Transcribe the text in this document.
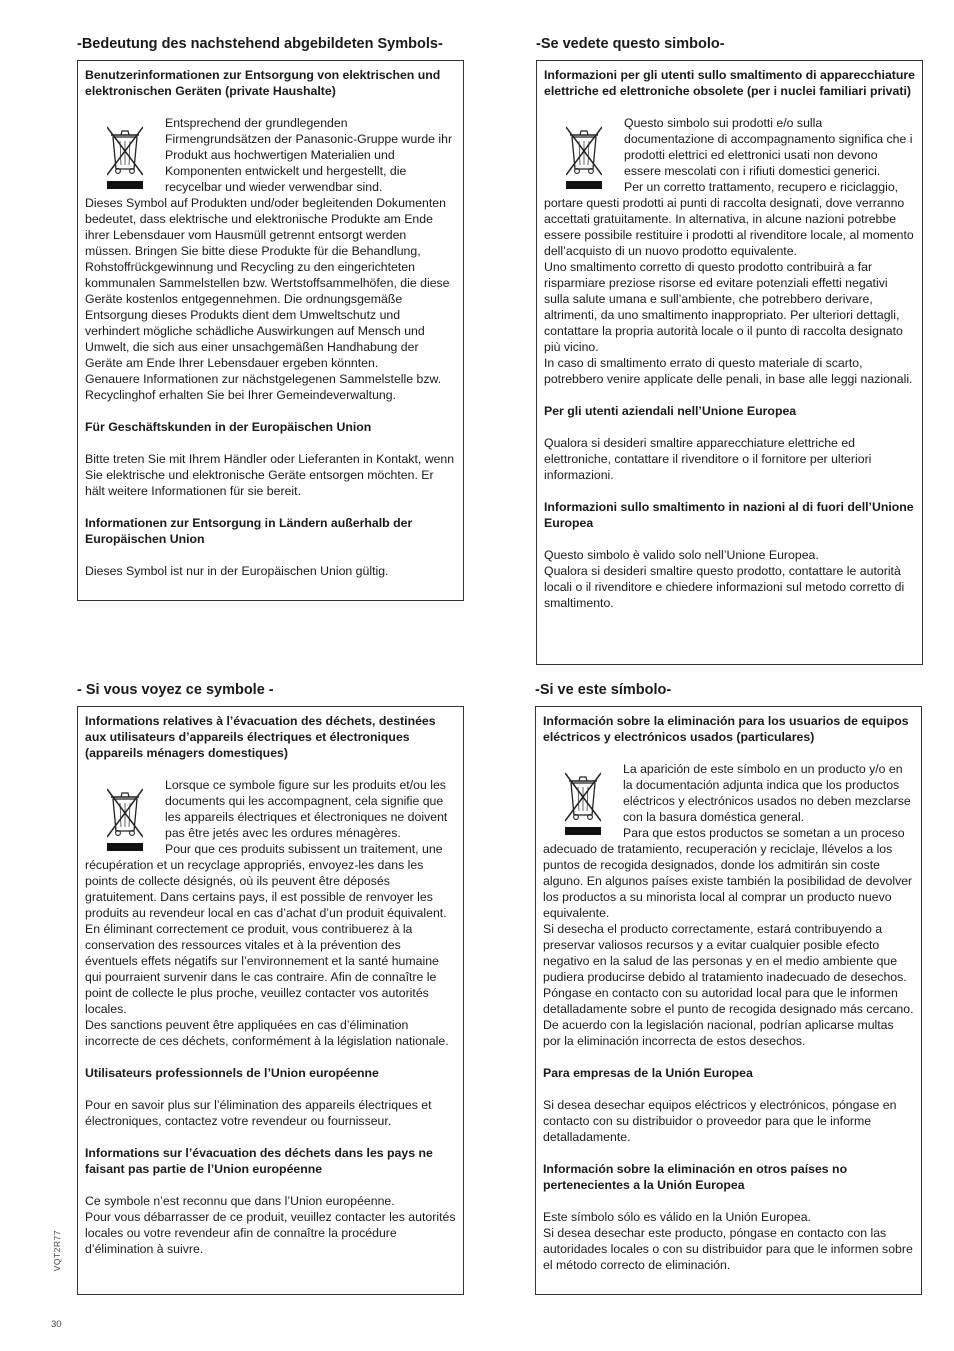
-Bedeutung des nachstehend abgebildeten Symbols-

Benutzerinformationen zur Entsorgung von elektrischen und elektronischen Geräten (private Haushalte)

Entsprechend der grundlegenden Firmengrundsätzen der Panasonic-Gruppe wurde ihr Produkt aus hochwertigen Materialien und Komponenten entwickelt und hergestellt, die recycelbar und wieder verwendbar sind.

Dieses Symbol auf Produkten und/oder begleitenden Dokumenten bedeutet, dass elektrische und elektronische Produkte am Ende ihrer Lebensdauer vom Hausmüll getrennt entsorgt werden müssen. Bringen Sie bitte diese Produkte für die Behandlung, Rohstoffrückgewinnung und Recycling zu den eingerichteten kommunalen Sammelstellen bzw. Wertstoffsammelhöfen, die diese Geräte kostenlos entgegennehmen. Die ordnungsgemäße Entsorgung dieses Produkts dient dem Umweltschutz und verhindert mögliche schädliche Auswirkungen auf Mensch und Umwelt, die sich aus einer unsachgemäßen Handhabung der Geräte am Ende Ihrer Lebensdauer ergeben könnten.

Genauere Informationen zur nächstgelegenen Sammelstelle bzw. Recyclinghof erhalten Sie bei Ihrer Gemeindeverwaltung.

Für Geschäftskunden in der Europäischen Union

Bitte treten Sie mit Ihrem Händler oder Lieferanten in Kontakt, wenn Sie elektrische und elektronische Geräte entsorgen möchten. Er hält weitere Informationen für sie bereit.

Informationen zur Entsorgung in Ländern außerhalb der Europäischen Union

Dieses Symbol ist nur in der Europäischen Union gültig.

-Se vedete questo simbolo-

Informazioni per gli utenti sullo smaltimento di apparecchiature elettriche ed elettroniche obsolete (per i nuclei familiari privati)

Questo simbolo sui prodotti e/o sulla documentazione di accompagnamento significa che i prodotti elettrici ed elettronici usati non devono essere mescolati con i rifiuti domestici generici.

Per un corretto trattamento, recupero e riciclaggio, portare questi prodotti ai punti di raccolta designati, dove verranno accettati gratuitamente. In alternativa, in alcune nazioni potrebbe essere possibile restituire i prodotti al rivenditore locale, al momento dell’acquisto di un nuovo prodotto equivalente.

Uno smaltimento corretto di questo prodotto contribuirà a far risparmiare preziose risorse ed evitare potenziali effetti negativi sulla salute umana e sull’ambiente, che potrebbero derivare, altrimenti, da uno smaltimento inappropriato. Per ulteriori dettagli, contattare la propria autorità locale o il punto di raccolta designato più vicino.

In caso di smaltimento errato di questo materiale di scarto, potrebbero venire applicate delle penali, in base alle leggi nazionali.

Per gli utenti aziendali nell’Unione Europea

Qualora si desideri smaltire apparecchiature elettriche ed elettroniche, contattare il rivenditore o il fornitore per ulteriori informazioni.

Informazioni sullo smaltimento in nazioni al di fuori dell’Unione Europea

Questo simbolo è valido solo nell’Unione Europea.

Qualora si desideri smaltire questo prodotto, contattare le autorità locali o il rivenditore e chiedere informazioni sul metodo corretto di smaltimento.

- Si vous voyez ce symbole -

Informations relatives à l’évacuation des déchets, destinées aux utilisateurs d’appareils électriques et électroniques (appareils ménagers domestiques)

Lorsque ce symbole figure sur les produits et/ou les documents qui les accompagnent, cela signifie que les appareils électriques et électroniques ne doivent pas être jetés avec les ordures ménagères.

Pour que ces produits subissent un traitement, une récupération et un recyclage appropriés, envoyez-les dans les points de collecte désignés, où ils peuvent être déposés gratuitement. Dans certains pays, il est possible de renvoyer les produits au revendeur local en cas d’achat d’un produit équivalent.

En éliminant correctement ce produit, vous contribuerez à la conservation des ressources vitales et à la prévention des éventuels effets négatifs sur l’environnement et la santé humaine qui pourraient survenir dans le cas contraire. Afin de connaître le point de collecte le plus proche, veuillez contacter vos autorités locales.

Des sanctions peuvent être appliquées en cas d’élimination incorrecte de ces déchets, conformément à la législation nationale.

Utilisateurs professionnels de l’Union européenne

Pour en savoir plus sur l’élimination des appareils électriques et électroniques, contactez votre revendeur ou fournisseur.

Informations sur l’évacuation des déchets dans les pays ne faisant pas partie de l’Union européenne

Ce symbole n’est reconnu que dans l’Union européenne.

Pour vous débarrasser de ce produit, veuillez contacter les autorités locales ou votre revendeur afin de connaître la procédure d’élimination à suivre.

-Si ve este símbolo-

Información sobre la eliminación para los usuarios de equipos eléctricos y electrónicos usados (particulares)

La aparición de este símbolo en un producto y/o en la documentación adjunta indica que los productos eléctricos y electrónicos usados no deben mezclarse con la basura doméstica general.

Para que estos productos se sometan a un proceso adecuado de tratamiento, recuperación y reciclaje, llévelos a los puntos de recogida designados, donde los admitirán sin coste alguno. En algunos países existe también la posibilidad de devolver los productos a su minorista local al comprar un producto nuevo equivalente.

Si desecha el producto correctamente, estará contribuyendo a preservar valiosos recursos y a evitar cualquier posible efecto negativo en la salud de las personas y en el medio ambiente que pudiera producirse debido al tratamiento inadecuado de desechos. Póngase en contacto con su autoridad local para que le informen detalladamente sobre el punto de recogida designado más cercano.

De acuerdo con la legislación nacional, podrían aplicarse multas por la eliminación incorrecta de estos desechos.

Para empresas de la Unión Europea

Si desea desechar equipos eléctricos y electrónicos, póngase en contacto con su distribuidor o proveedor para que le informe detalladamente.

Información sobre la eliminación en otros países no pertenecientes a la Unión Europea

Este símbolo sólo es válido en la Unión Europea.

Si desea desechar este producto, póngase en contacto con las autoridades locales o con su distribuidor para que le informen sobre el método correcto de eliminación.

VQT2R77
30
